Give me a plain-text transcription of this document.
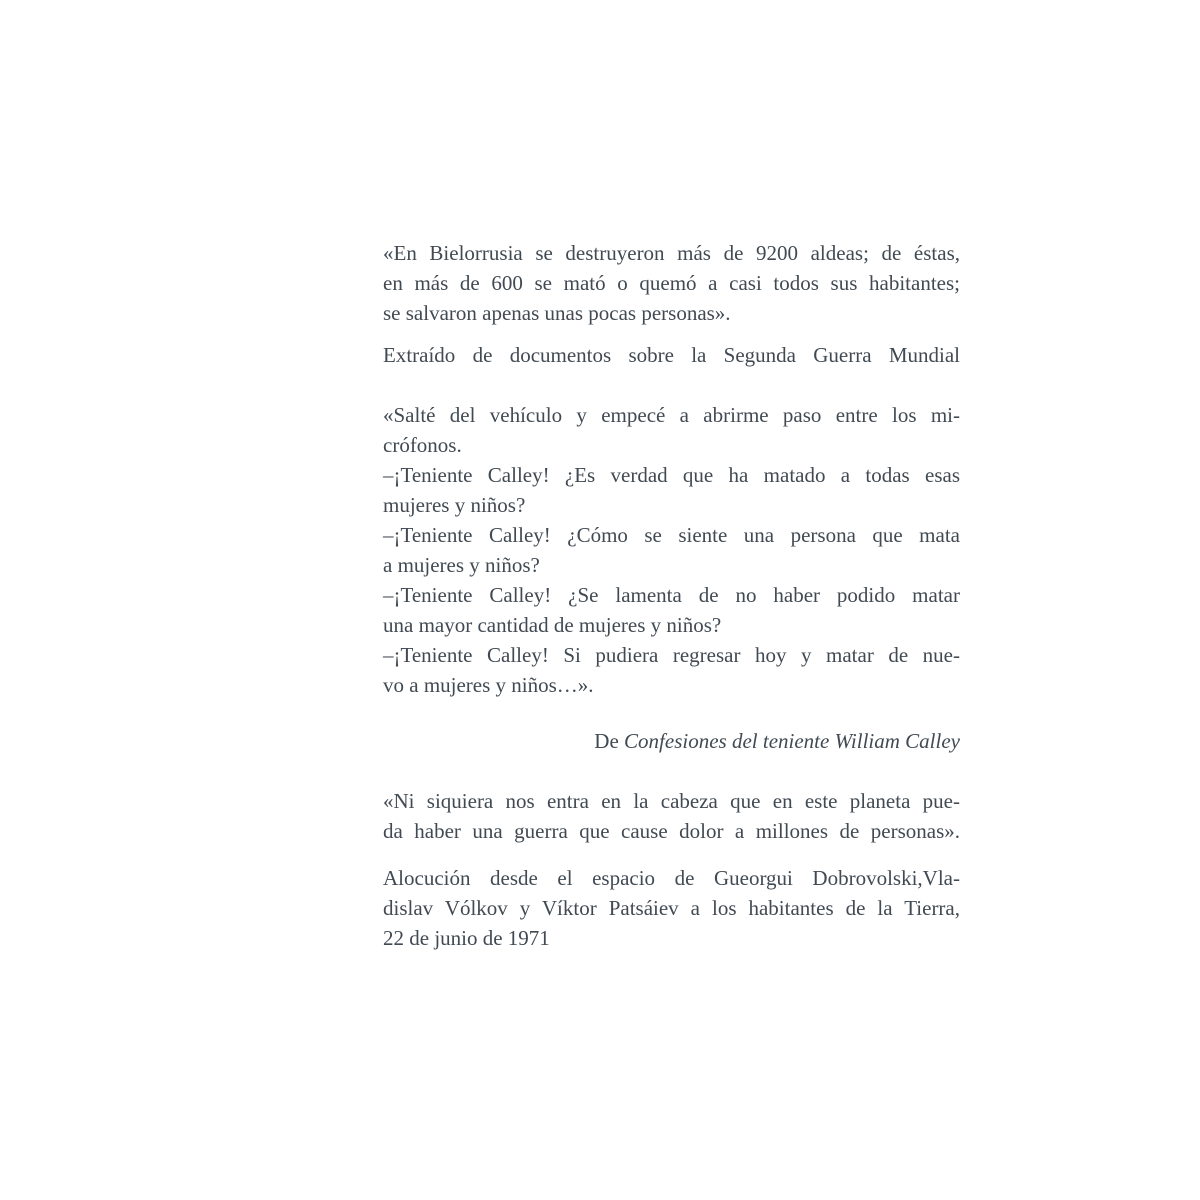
«En Bielorrusia se destruyeron más de 9200 aldeas; de éstas,
en más de 600 se mató o quemó a casi todos sus habitantes;
se salvaron apenas unas pocas personas».
Extraído de documentos sobre la Segunda Guerra Mundial
«Salté del vehículo y empecé a abrirme paso entre los mi-
crófonos.
–¡Teniente Calley! ¿Es verdad que ha matado a todas esas
mujeres y niños?
–¡Teniente Calley! ¿Cómo se siente una persona que mata
a mujeres y niños?
–¡Teniente Calley! ¿Se lamenta de no haber podido matar
una mayor cantidad de mujeres y niños?
–¡Teniente Calley! Si pudiera regresar hoy y matar de nue-
vo a mujeres y niños…».
De Confesiones del teniente William Calley
«Ni siquiera nos entra en la cabeza que en este planeta pue-
da haber una guerra que cause dolor a millones de personas».
Alocución desde el espacio de Gueorgui Dobrovolski,Vla-
dislav Vólkov y Víktor Patsáiev a los habitantes de la Tierra,
22 de junio de 1971
